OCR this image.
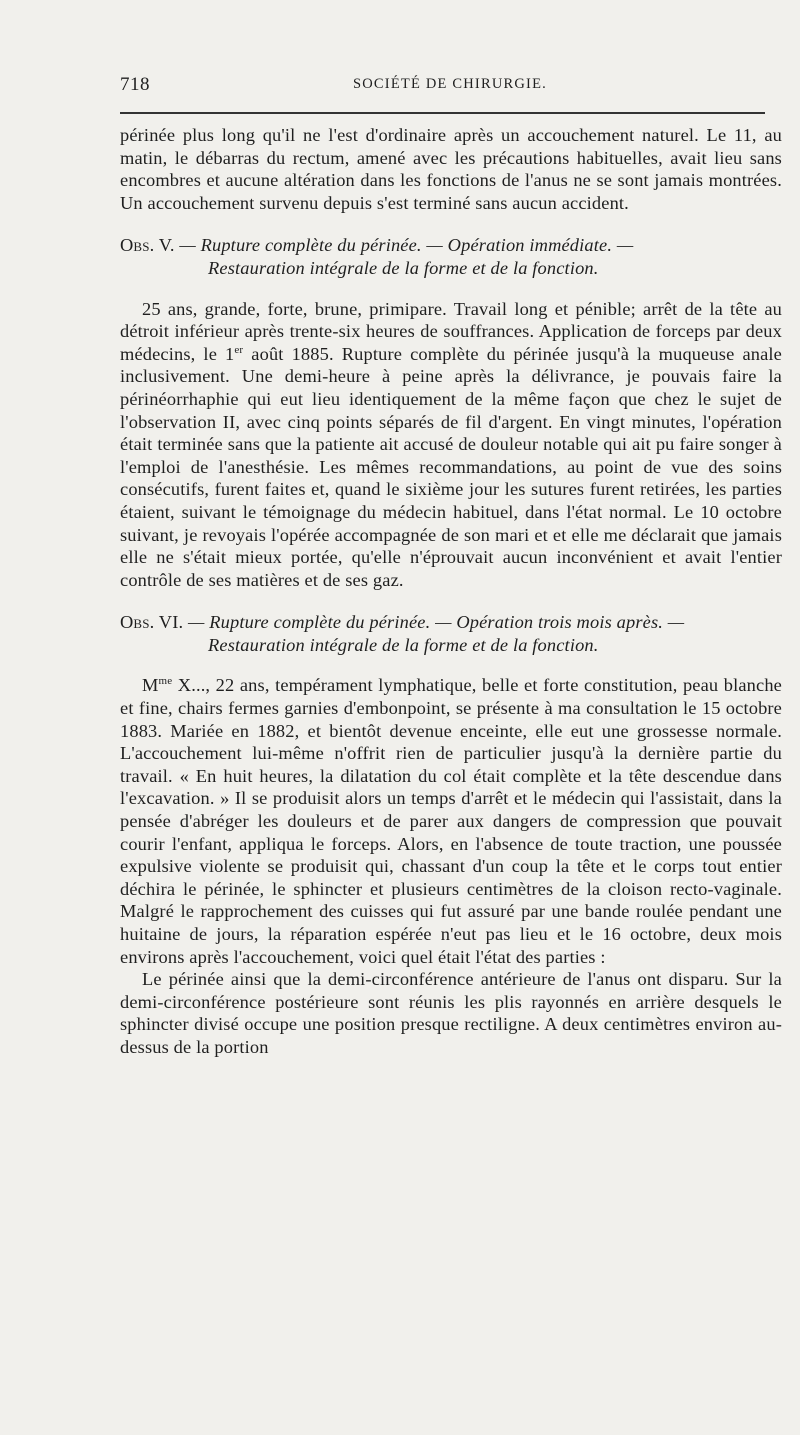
718	SOCIÉTÉ DE CHIRURGIE.

périnée plus long qu'il ne l'est d'ordinaire après un accouchement naturel. Le 11, au matin, le débarras du rectum, amené avec les précautions habituelles, avait lieu sans encombres et aucune altération dans les fonctions de l'anus ne se sont jamais montrées. Un accouchement survenu depuis s'est terminé sans aucun accident.

Obs. V. — Rupture complète du périnée. — Opération immédiate. —
Restauration intégrale de la forme et de la fonction.

25 ans, grande, forte, brune, primipare. Travail long et pénible; arrêt de la tête au détroit inférieur après trente-six heures de souffrances. Application de forceps par deux médecins, le 1er août 1885. Rupture complète du périnée jusqu'à la muqueuse anale inclusivement. Une demi-heure à peine après la délivrance, je pouvais faire la périnéorrhaphie qui eut lieu identiquement de la même façon que chez le sujet de l'observation II, avec cinq points séparés de fil d'argent. En vingt minutes, l'opération était terminée sans que la patiente ait accusé de douleur notable qui ait pu faire songer à l'emploi de l'anesthésie. Les mêmes recommandations, au point de vue des soins consécutifs, furent faites et, quand le sixième jour les sutures furent retirées, les parties étaient, suivant le témoignage du médecin habituel, dans l'état normal. Le 10 octobre suivant, je revoyais l'opérée accompagnée de son mari et et elle me déclarait que jamais elle ne s'était mieux portée, qu'elle n'éprouvait aucun inconvénient et avait l'entier contrôle de ses matières et de ses gaz.

Obs. VI. — Rupture complète du périnée. — Opération trois mois après. —
Restauration intégrale de la forme et de la fonction.

$M^{me}$ X..., 22 ans, tempérament lymphatique, belle et forte constitution, peau blanche et fine, chairs fermes garnies d'embonpoint, se présente à ma consultation le 15 octobre 1883. Mariée en 1882, et bientôt devenue enceinte, elle eut une grossesse normale. L'accouchement lui-même n'offrit rien de particulier jusqu'à la dernière partie du travail. « En huit heures, la dilatation du col était complète et la tête descendue dans l'excavation. » Il se produisit alors un temps d'arrêt et le médecin qui l'assistait, dans la pensée d'abréger les douleurs et de parer aux dangers de compression que pouvait courir l'enfant, appliqua le forceps. Alors, en l'absence de toute traction, une poussée expulsive violente se produisit qui, chassant d'un coup la tête et le corps tout entier déchira le périnée, le sphincter et plusieurs centimètres de la cloison recto-vaginale. Malgré le rapprochement des cuisses qui fut assuré par une bande roulée pendant une huitaine de jours, la réparation espérée n'eut pas lieu et le 16 octobre, deux mois environs après l'accouchement, voici quel était l'état des parties :

Le périnée ainsi que la demi-circonférence antérieure de l'anus ont disparu. Sur la demi-circonférence postérieure sont réunis les plis rayonnés en arrière desquels le sphincter divisé occupe une position presque rectiligne. A deux centimètres environ au-dessus de la portion
